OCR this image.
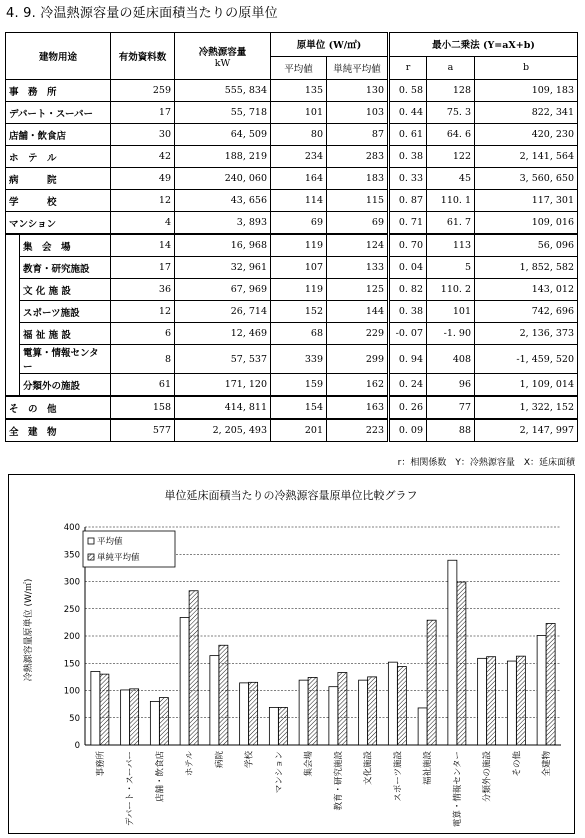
4. 9. 冷温熱源容量の延床面積当たりの原単位
建物用途		有効資料数	冷熱源容量
kW	原単位 (W/㎡)		最小二乗法 (Y=aX+b)		
				平均値	単純平均値	r	a	b
事　務　所		259	555, 834	135	130	0. 58	128	109, 183
デパート・スーパー		17	55, 718	101	103	0. 44	75. 3	822, 341
店舗・飲食店		30	64, 509	80	87	0. 61	64. 6	420, 230
ホ　テ　ル		42	188, 219	234	283	0. 38	122	2, 141, 564
病　　　院		49	240, 060	164	183	0. 33	45	3, 560, 650
学　　　校		12	43, 656	114	115	0. 87	110. 1	117, 301
マンション		4	3, 893	69	69	0. 71	61. 7	109, 016
	集　会　場	14	16, 968	119	124	0. 70	113	56, 096
	教育・研究施設	17	32, 961	107	133	0. 04	5	1, 852, 582
	文 化 施 設	36	67, 969	119	125	0. 82	110. 2	143, 012
	スポーツ施設	12	26, 714	152	144	0. 38	101	742, 696
	福 祉 施 設	6	12, 469	68	229	-0. 07	-1. 90	2, 136, 373
	電算・情報センター	8	57, 537	339	299	0. 94	408	-1, 459, 520
	分類外の施設	61	171, 120	159	162	0. 24	96	1, 109, 014
そ　の　他		158	414, 811	154	163	0. 26	77	1, 322, 152
全　建　物		577	2, 205, 493	201	223	0. 09	88	2, 147, 997
r：相関係数　Y：冷熱源容量　X：延床面積
単位延床面積当たりの冷熱源容量原単位比較グラフ
冷熱源容量原単位 (W/㎡)
0
50
100
150
200
250
300
350
400
事務所 デパート・スーパー 店舗・飲食店 ホテル 病院 学校 マンション 集会場 教育・研究施設 文化施設 スポーツ施設 福祉施設 電算・情報センター 分類外の施設 その他 全建物
平均値
単純平均値
